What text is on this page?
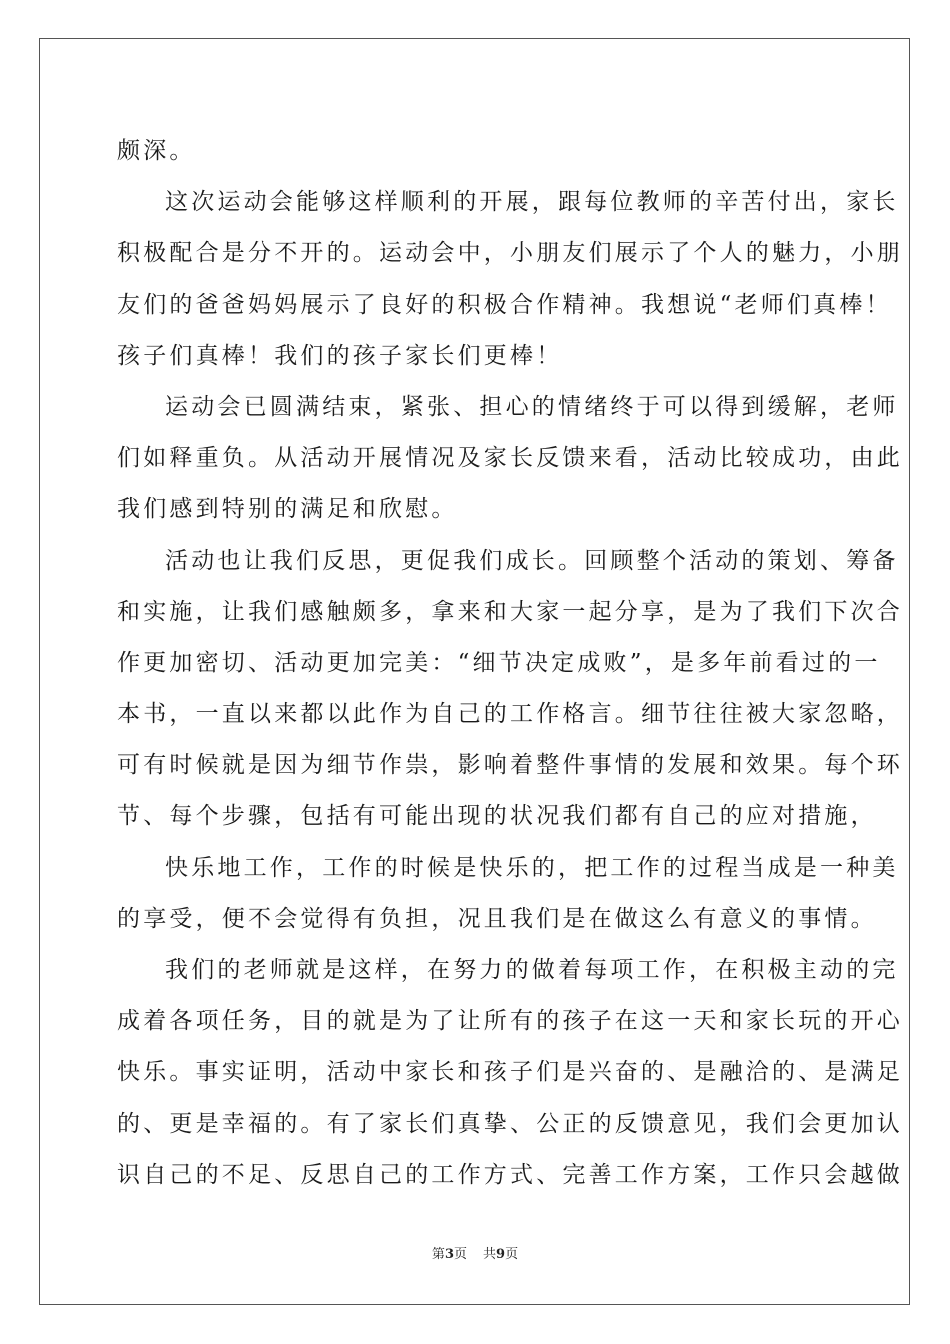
颇深。
这次运动会能够这样顺利的开展，跟每位教师的辛苦付出，家长
积极配合是分不开的。运动会中，小朋友们展示了个人的魅力，小朋
友们的爸爸妈妈展示了良好的积极合作精神。我想说“老师们真棒！
孩子们真棒！我们的孩子家长们更棒！
运动会已圆满结束，紧张、担心的情绪终于可以得到缓解，老师
们如释重负。从活动开展情况及家长反馈来看，活动比较成功，由此
我们感到特别的满足和欣慰。
活动也让我们反思，更促我们成长。回顾整个活动的策划、筹备
和实施，让我们感触颇多，拿来和大家一起分享，是为了我们下次合
作更加密切、活动更加完美：“细节决定成败”，是多年前看过的一
本书，一直以来都以此作为自己的工作格言。细节往往被大家忽略，
可有时候就是因为细节作祟，影响着整件事情的发展和效果。每个环
节、每个步骤，包括有可能出现的状况我们都有自己的应对措施，
快乐地工作，工作的时候是快乐的，把工作的过程当成是一种美
的享受，便不会觉得有负担，况且我们是在做这么有意义的事情。
我们的老师就是这样，在努力的做着每项工作，在积极主动的完
成着各项任务，目的就是为了让所有的孩子在这一天和家长玩的开心
快乐。事实证明，活动中家长和孩子们是兴奋的、是融洽的、是满足
的、更是幸福的。有了家长们真挚、公正的反馈意见，我们会更加认
识自己的不足、反思自己的工作方式、完善工作方案，工作只会越做
第3页 共9页
